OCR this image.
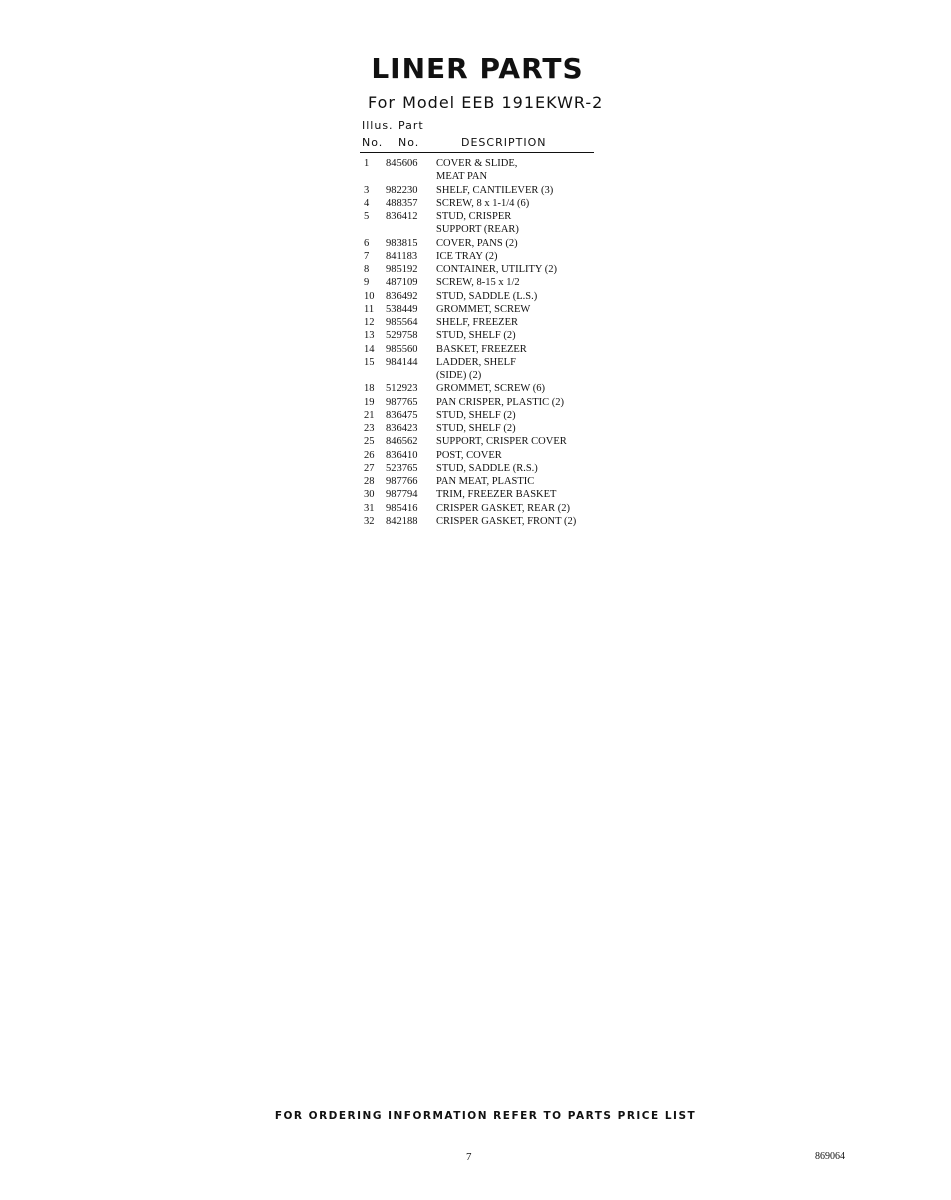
LINER PARTS
For Model EEB 191EKWR-2
Illus. Part
No. No.	DESCRIPTION
1	845606	COVER & SLIDE,
MEAT PAN
3	982230	SHELF, CANTILEVER (3)
4	488357	SCREW, 8 x 1-1/4 (6)
5	836412	STUD, CRISPER
SUPPORT (REAR)
6	983815	COVER, PANS (2)
7	841183	ICE TRAY (2)
8	985192	CONTAINER, UTILITY (2)
9	487109	SCREW, 8-15 x 1/2
10	836492	STUD, SADDLE (L.S.)
11	538449	GROMMET, SCREW
12	985564	SHELF, FREEZER
13	529758	STUD, SHELF (2)
14	985560	BASKET, FREEZER
15	984144	LADDER, SHELF
(SIDE) (2)
18	512923	GROMMET, SCREW (6)
19	987765	PAN CRISPER, PLASTIC (2)
21	836475	STUD, SHELF (2)
23	836423	STUD, SHELF (2)
25	846562	SUPPORT, CRISPER COVER
26	836410	POST, COVER
27	523765	STUD, SADDLE (R.S.)
28	987766	PAN MEAT, PLASTIC
30	987794	TRIM, FREEZER BASKET
31	985416	CRISPER GASKET, REAR (2)
32	842188	CRISPER GASKET, FRONT (2)
FOR ORDERING INFORMATION REFER TO PARTS PRICE LIST
7	869064
